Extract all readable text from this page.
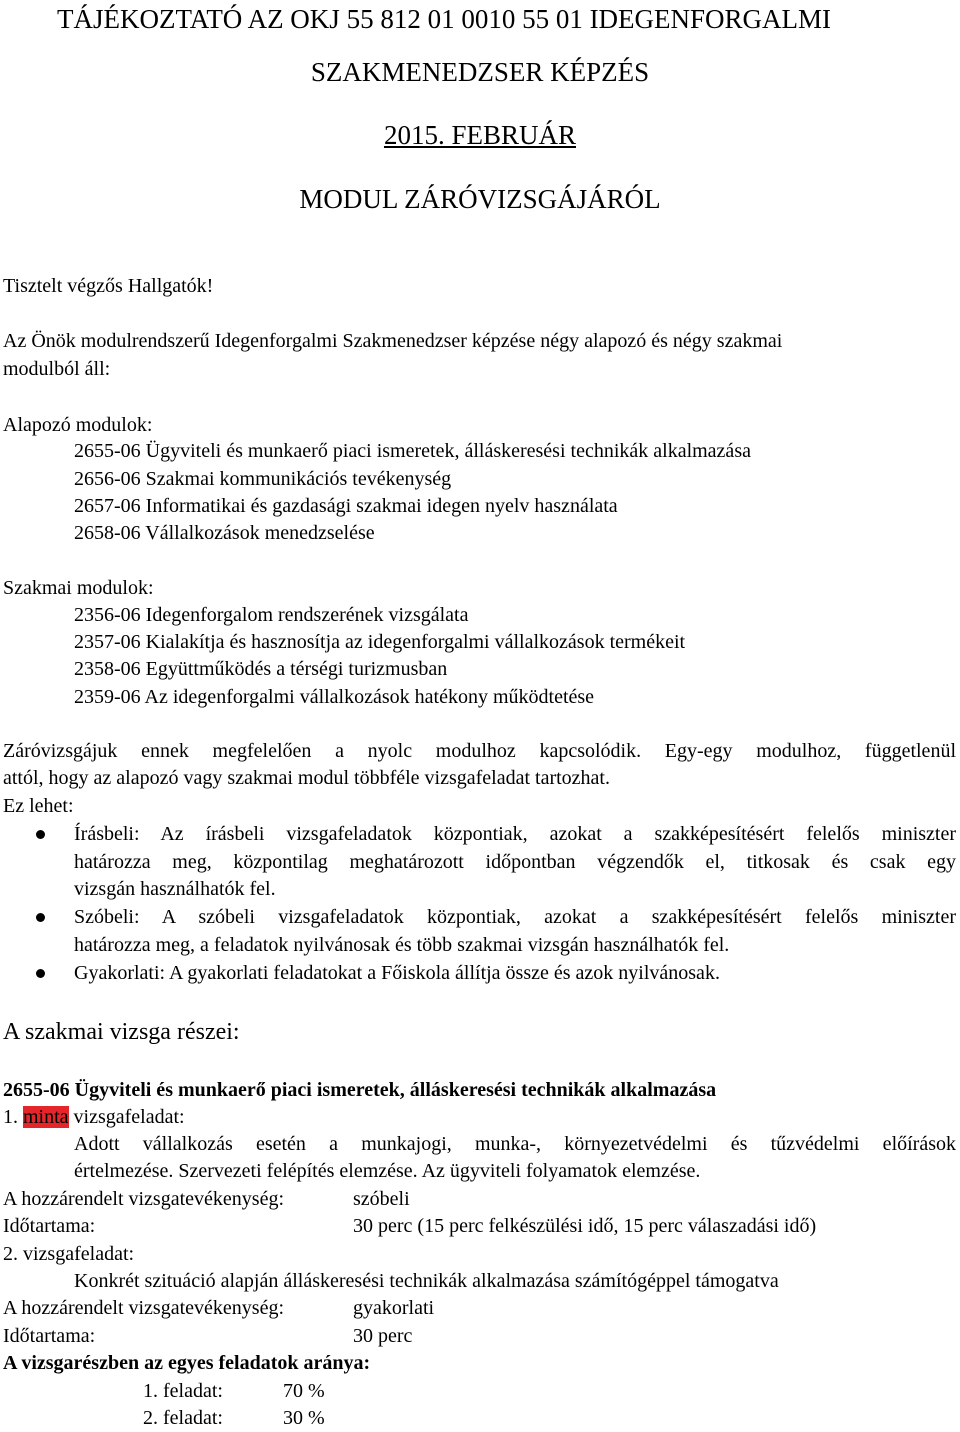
TÁJÉKOZTATÓ AZ OKJ 55 812 01 0010 55 01 IDEGENFORGALMI
SZAKMENEDZSER KÉPZÉS
2015. FEBRUÁR
MODUL ZÁRÓVIZSGÁJÁRÓL
Tisztelt végzős Hallgatók!
Az Önök modulrendszerű Idegenforgalmi Szakmenedzser képzése négy alapozó és négy szakmai
modulból áll:
Alapozó modulok:
2655-06 Ügyviteli és munkaerő piaci ismeretek, álláskeresési technikák alkalmazása
2656-06 Szakmai kommunikációs tevékenység
2657-06 Informatikai és gazdasági szakmai idegen nyelv használata
2658-06 Vállalkozások menedzselése
Szakmai modulok:
2356-06 Idegenforgalom rendszerének vizsgálata
2357-06 Kialakítja és hasznosítja az idegenforgalmi vállalkozások termékeit
2358-06 Együttműködés a térségi turizmusban
2359-06 Az idegenforgalmi vállalkozások hatékony működtetése
Záróvizsgájuk ennek megfelelően a nyolc modulhoz kapcsolódik. Egy-egy modulhoz, függetlenül
attól, hogy az alapozó vagy szakmai modul többféle vizsgafeladat tartozhat.
Ez lehet:
Írásbeli: Az írásbeli vizsgafeladatok központiak, azokat a szakképesítésért felelős miniszter
határozza meg, központilag meghatározott időpontban végzendők el, titkosak és csak egy
vizsgán használhatók fel.
Szóbeli: A szóbeli vizsgafeladatok központiak, azokat a szakképesítésért felelős miniszter
határozza meg, a feladatok nyilvánosak és több szakmai vizsgán használhatók fel.
Gyakorlati: A gyakorlati feladatokat a Főiskola állítja össze és azok nyilvánosak.
A szakmai vizsga részei:
2655-06 Ügyviteli és munkaerő piaci ismeretek, álláskeresési technikák alkalmazása
1. minta vizsgafeladat:
Adott vállalkozás esetén a munkajogi, munka-, környezetvédelmi és tűzvédelmi előírások
értelmezése. Szervezeti felépítés elemzése. Az ügyviteli folyamatok elemzése.
A hozzárendelt vizsgatevékenység:	szóbeli
Időtartama:	30 perc (15 perc felkészülési idő, 15 perc válaszadási idő)
2. vizsgafeladat:
Konkrét szituáció alapján álláskeresési technikák alkalmazása számítógéppel támogatva
A hozzárendelt vizsgatevékenység:	gyakorlati
Időtartama:	30 perc
A vizsgarészben az egyes feladatok aránya:
1. feladat:	70 %
2. feladat:	30 %
